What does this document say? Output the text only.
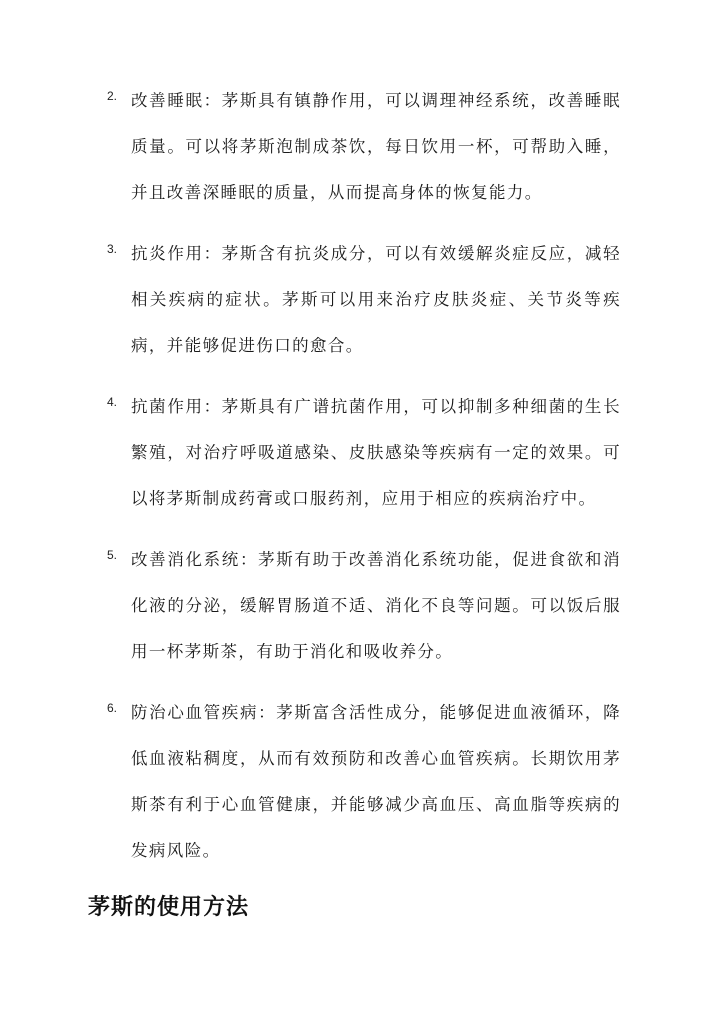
2. 改善睡眠：茅斯具有镇静作用，可以调理神经系统，改善睡眠质量。可以将茅斯泡制成茶饮，每日饮用一杯，可帮助入睡，并且改善深睡眠的质量，从而提高身体的恢复能力。
3. 抗炎作用：茅斯含有抗炎成分，可以有效缓解炎症反应，减轻相关疾病的症状。茅斯可以用来治疗皮肤炎症、关节炎等疾病，并能够促进伤口的愈合。
4. 抗菌作用：茅斯具有广谱抗菌作用，可以抑制多种细菌的生长繁殖，对治疗呼吸道感染、皮肤感染等疾病有一定的效果。可以将茅斯制成药膏或口服药剂，应用于相应的疾病治疗中。
5. 改善消化系统：茅斯有助于改善消化系统功能，促进食欲和消化液的分泌，缓解胃肠道不适、消化不良等问题。可以饭后服用一杯茅斯茶，有助于消化和吸收养分。
6. 防治心血管疾病：茅斯富含活性成分，能够促进血液循环，降低血液粘稠度，从而有效预防和改善心血管疾病。长期饮用茅斯茶有利于心血管健康，并能够减少高血压、高血脂等疾病的发病风险。
茅斯的使用方法
